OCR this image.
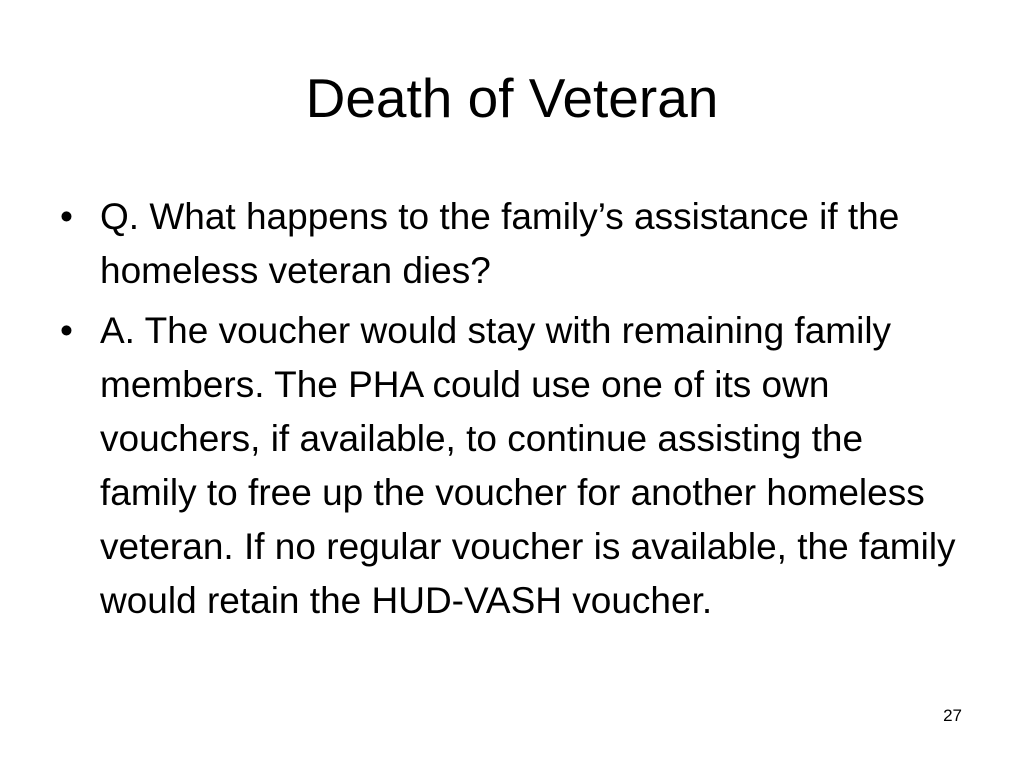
Death of Veteran
• Q. What happens to the family’s assistance if the homeless veteran dies?
• A. The voucher would stay with remaining family members. The PHA could use one of its own vouchers, if available, to continue assisting the family to free up the voucher for another homeless veteran. If no regular voucher is available, the family would retain the HUD-VASH voucher.
27
